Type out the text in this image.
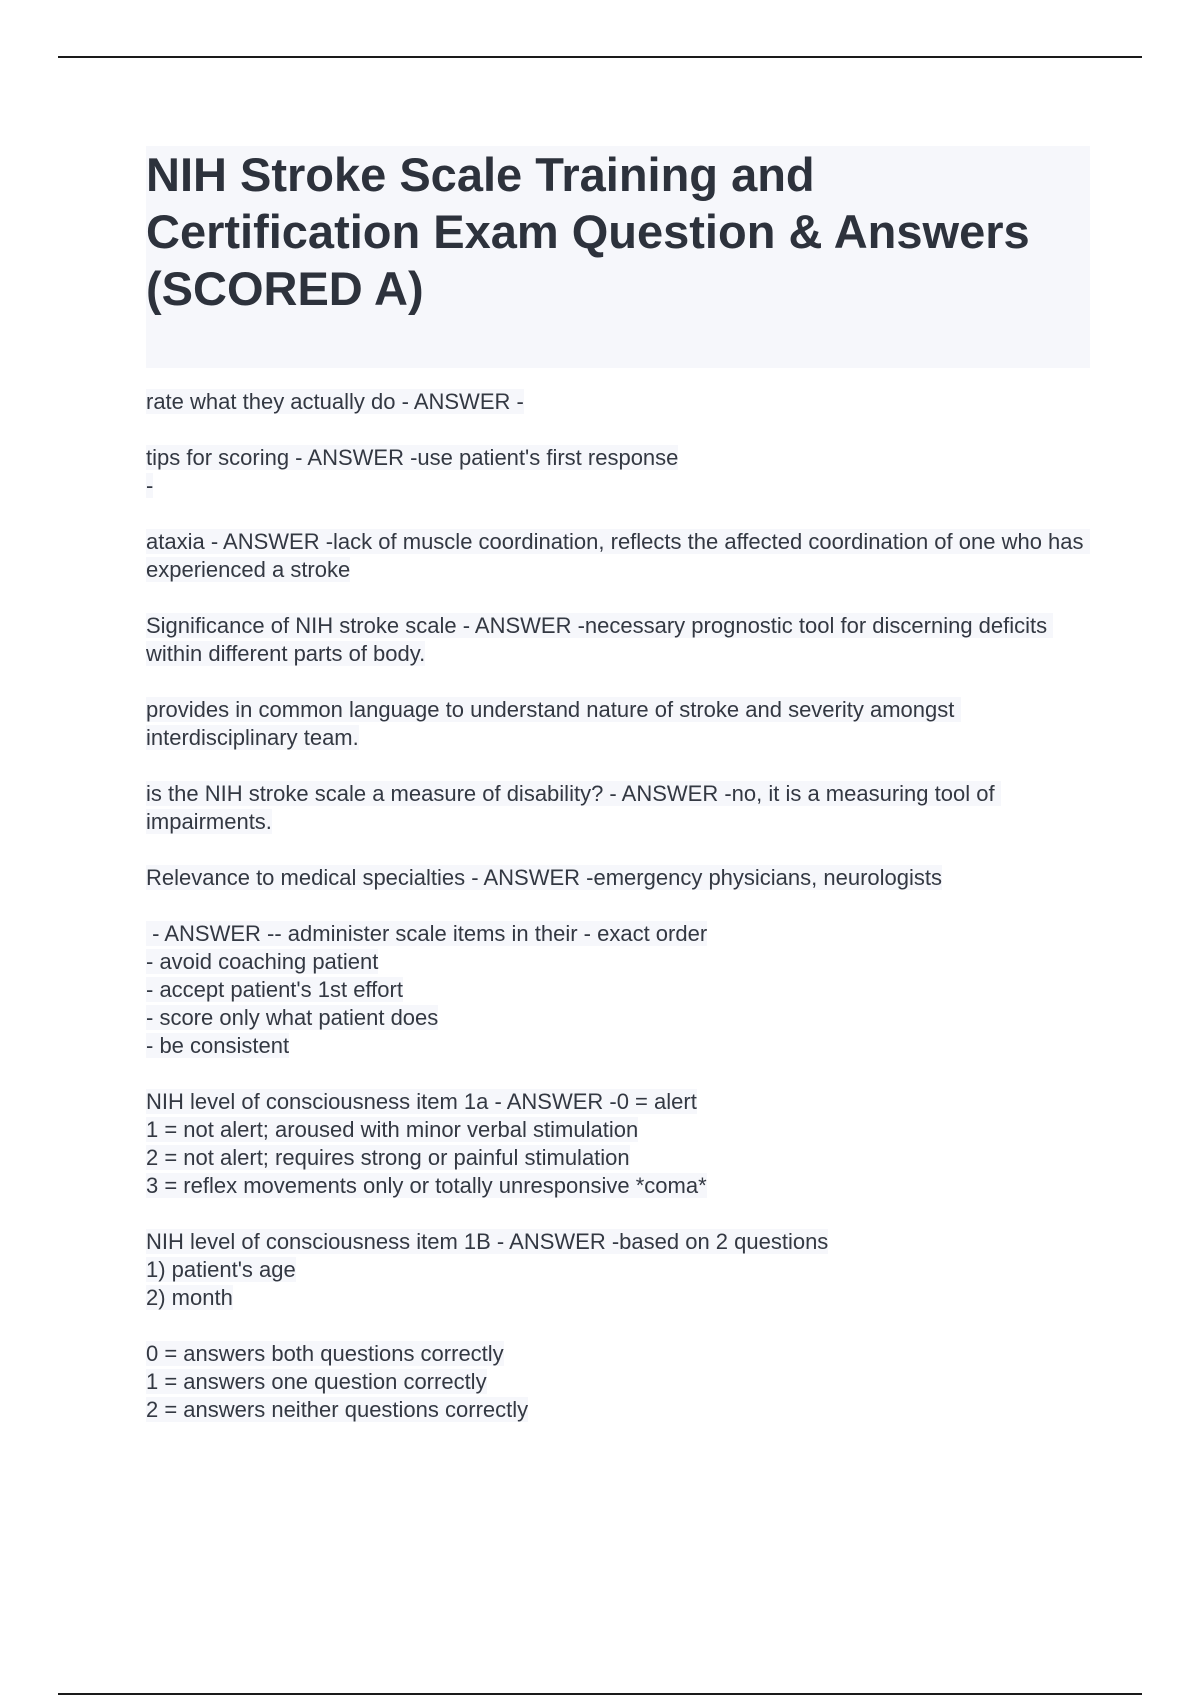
NIH Stroke Scale Training and Certification Exam Question & Answers (SCORED A)

rate what they actually do - ANSWER -

tips for scoring - ANSWER -use patient's first response
-

ataxia - ANSWER -lack of muscle coordination, reflects the affected coordination of one who has experienced a stroke

Significance of NIH stroke scale - ANSWER -necessary prognostic tool for discerning deficits within different parts of body.

provides in common language to understand nature of stroke and severity amongst interdisciplinary team.

is the NIH stroke scale a measure of disability? - ANSWER -no, it is a measuring tool of impairments.

Relevance to medical specialties - ANSWER -emergency physicians, neurologists

- ANSWER -- administer scale items in their - exact order
- avoid coaching patient
- accept patient's 1st effort
- score only what patient does
- be consistent

NIH level of consciousness item 1a - ANSWER -0 = alert
1 = not alert; aroused with minor verbal stimulation
2 = not alert; requires strong or painful stimulation
3 = reflex movements only or totally unresponsive *coma*

NIH level of consciousness item 1B - ANSWER -based on 2 questions
1) patient's age
2) month

0 = answers both questions correctly
1 = answers one question correctly
2 = answers neither questions correctly
